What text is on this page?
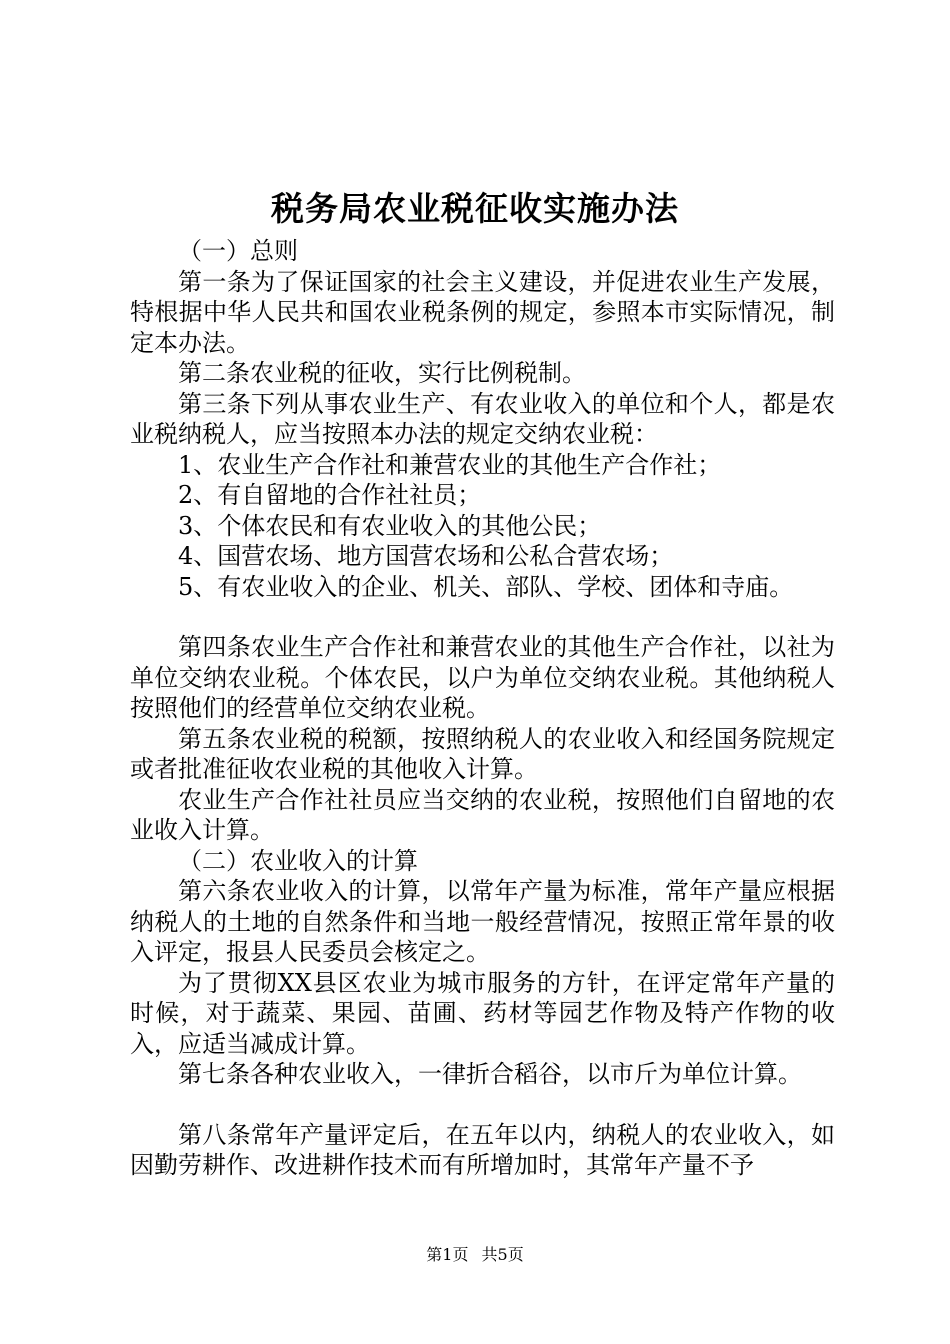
税务局农业税征收实施办法

（一）总则

第一条为了保证国家的社会主义建设，并促进农业生产发展，特根据中华人民共和国农业税条例的规定，参照本市实际情况，制定本办法。

第二条农业税的征收，实行比例税制。

第三条下列从事农业生产、有农业收入的单位和个人，都是农业税纳税人，应当按照本办法的规定交纳农业税：

1、农业生产合作社和兼营农业的其他生产合作社；

2、有自留地的合作社社员；

3、个体农民和有农业收入的其他公民；

4、国营农场、地方国营农场和公私合营农场；

5、有农业收入的企业、机关、部队、学校、团体和寺庙。

第四条农业生产合作社和兼营农业的其他生产合作社，以社为单位交纳农业税。个体农民，以户为单位交纳农业税。其他纳税人按照他们的经营单位交纳农业税。

第五条农业税的税额，按照纳税人的农业收入和经国务院规定或者批准征收农业税的其他收入计算。

农业生产合作社社员应当交纳的农业税，按照他们自留地的农业收入计算。

（二）农业收入的计算

第六条农业收入的计算，以常年产量为标准，常年产量应根据纳税人的土地的自然条件和当地一般经营情况，按照正常年景的收入评定，报县人民委员会核定之。

为了贯彻XX县区农业为城市服务的方针，在评定常年产量的时候，对于蔬菜、果园、苗圃、药材等园艺作物及特产作物的收入，应适当减成计算。

第七条各种农业收入，一律折合稻谷，以市斤为单位计算。

第八条常年产量评定后，在五年以内，纳税人的农业收入，如因勤劳耕作、改进耕作技术而有所增加时，其常年产量不予

第1页 共5页
